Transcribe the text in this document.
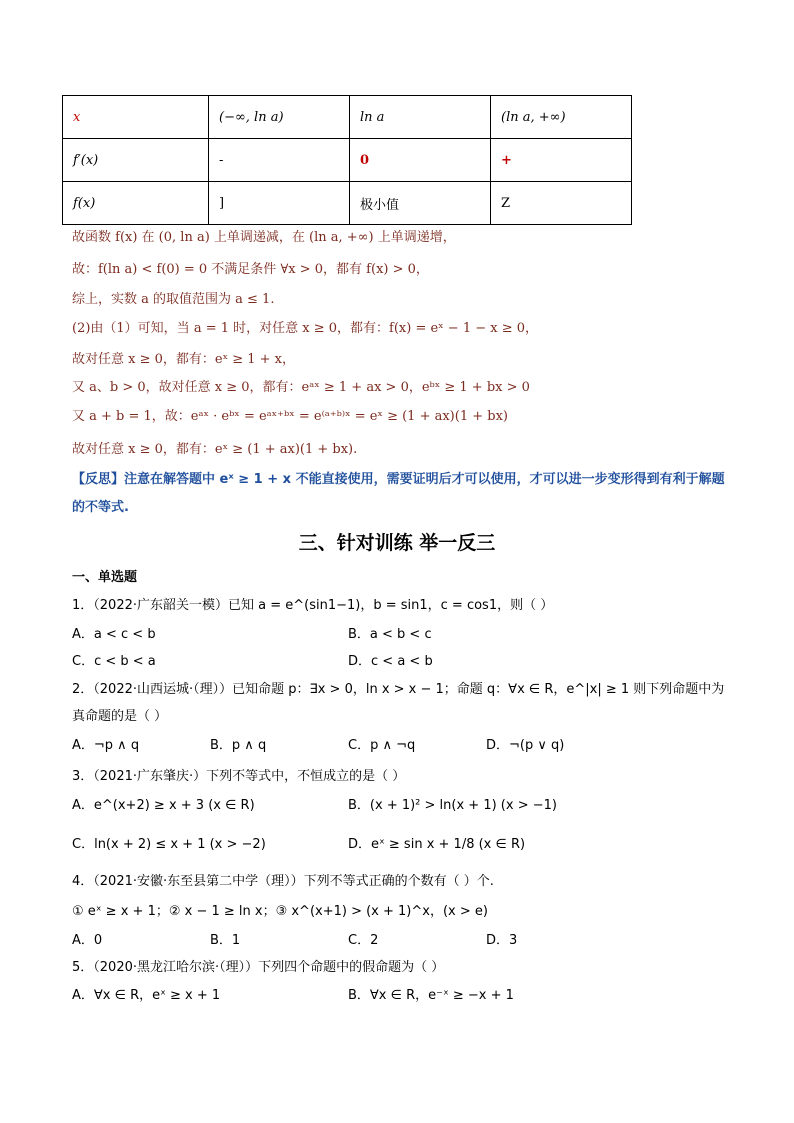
x	(−∞, ln a)	ln a	(ln a, +∞)
f′(x)	-	0	+
f(x)	]	极小值	Z
故函数 f(x) 在 (0, ln a) 上单调递减，在 (ln a, +∞) 上单调递增，
故：f(ln a) < f(0) = 0 不满足条件 ∀x > 0，都有 f(x) > 0，
综上，实数 a 的取值范围为 a ≤ 1.
(2)由（1）可知，当 a = 1 时，对任意 x ≥ 0，都有：f(x) = eˣ − 1 − x ≥ 0，
故对任意 x ≥ 0，都有：eˣ ≥ 1 + x，
又 a、b > 0，故对任意 x ≥ 0，都有：eᵃˣ ≥ 1 + ax > 0，eᵇˣ ≥ 1 + bx > 0
又 a + b = 1，故：eᵃˣ · eᵇˣ = eᵃˣ⁺ᵇˣ = e⁽ᵃ⁺ᵇ⁾ˣ = eˣ ≥ (1 + ax)(1 + bx)
故对任意 x ≥ 0，都有：eˣ ≥ (1 + ax)(1 + bx).
【反思】注意在解答题中 eˣ ≥ 1 + x 不能直接使用，需要证明后才可以使用，才可以进一步变形得到有利于解题的不等式.
三、针对训练 举一反三
一、单选题
1．（2022·广东韶关一模）已知 a = e^(sin1−1)，b = sin1，c = cos1，则（ ）
A．a < c < b	B．a < b < c
C．c < b < a	D．c < a < b
2．（2022·山西运城·（理））已知命题 p：∃x > 0，ln x > x − 1；命题 q：∀x ∈ R，e^|x| ≥ 1 则下列命题中为
真命题的是（ ）
A．¬p ∧ q	B．p ∧ q	C．p ∧ ¬q	D．¬(p ∨ q)
3．（2021·广东肇庆·）下列不等式中，不恒成立的是（ ）
A．e^(x+2) ≥ x + 3 (x ∈ R)	B．(x + 1)² > ln(x + 1) (x > −1)
C．ln(x + 2) ≤ x + 1 (x > −2)	D．eˣ ≥ sin x + 1/8 (x ∈ R)
4．（2021·安徽·东至县第二中学（理））下列不等式正确的个数有（ ）个.
① eˣ ≥ x + 1；② x − 1 ≥ ln x；③ x^(x+1) > (x + 1)^x，(x > e)
A．0	B．1	C．2	D．3
5．（2020·黑龙江哈尔滨·（理））下列四个命题中的假命题为（ ）
A．∀x ∈ R，eˣ ≥ x + 1	B．∀x ∈ R，e⁻ˣ ≥ −x + 1
